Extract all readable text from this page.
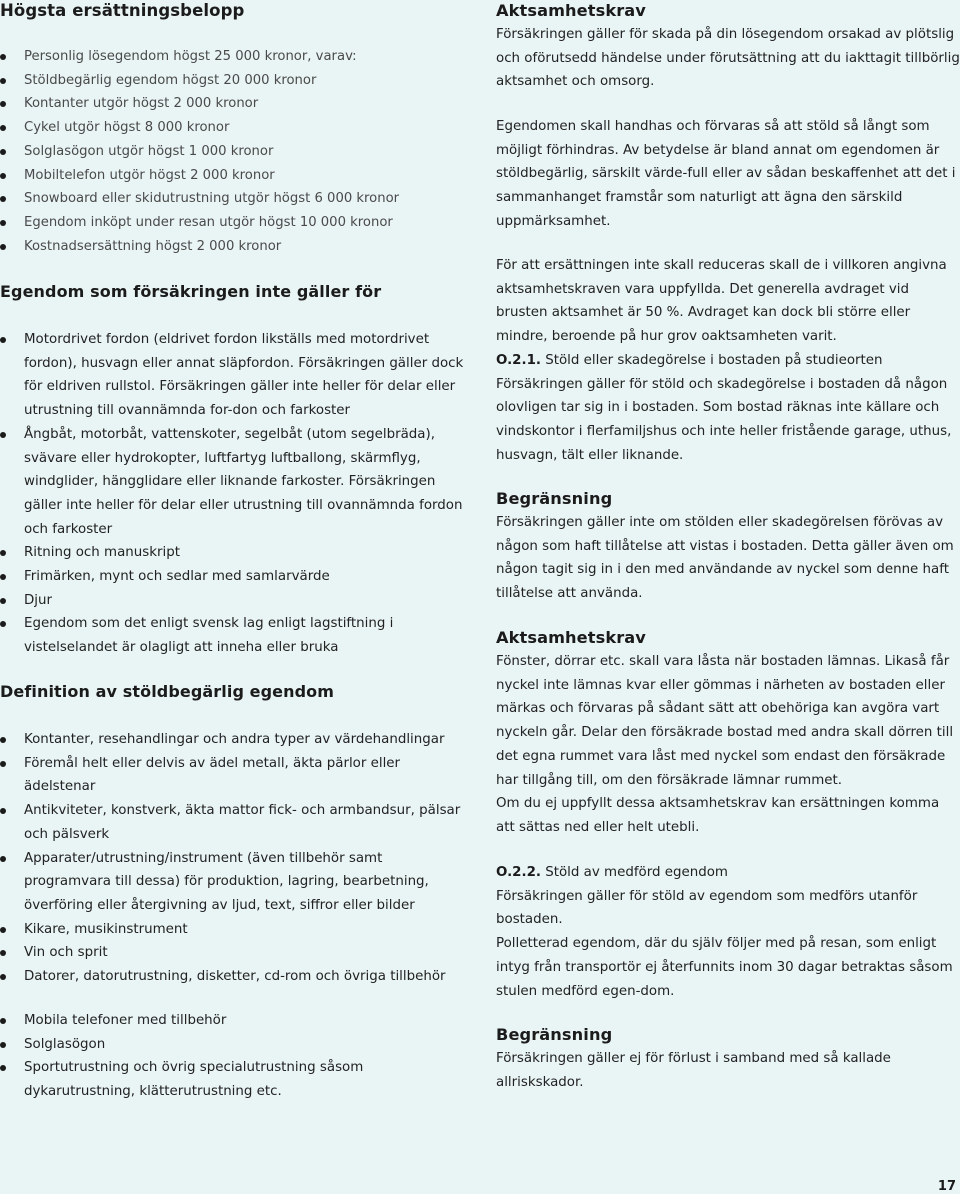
Högsta ersättningsbelopp
Personlig lösegendom högst 25 000 kronor, varav:
Stöldbegärlig egendom högst 20 000 kronor
Kontanter utgör högst 2 000 kronor
Cykel utgör högst 8 000 kronor
Solglasögon utgör högst 1 000 kronor
Mobiltelefon utgör högst 2 000 kronor
Snowboard eller skidutrustning utgör högst 6 000 kronor
Egendom inköpt under resan utgör högst 10 000 kronor
Kostnadsersättning högst 2 000 kronor
Egendom som försäkringen inte gäller för
Motordrivet fordon (eldrivet fordon likställs med motordrivet fordon), husvagn eller annat släpfordon. Försäkringen gäller dock för eldriven rullstol. Försäkringen gäller inte heller för delar eller utrustning till ovannämnda for-don och farkoster
Ångbåt, motorbåt, vattenskoter, segelbåt (utom segelbräda), svävare eller hydrokopter, luftfartyg luftballong, skärmflyg, windglider, hängglidare eller liknande farkoster. Försäkringen gäller inte heller för delar eller utrustning till ovannämnda fordon och farkoster
Ritning och manuskript
Frimärken, mynt och sedlar med samlarvärde
Djur
Egendom som det enligt svensk lag enligt lagstiftning i vistelselandet är olagligt att inneha eller bruka
Definition av stöldbegärlig egendom
Kontanter, resehandlingar och andra typer av värdehandlingar
Föremål helt eller delvis av ädel metall, äkta pärlor eller ädelstenar
Antikviteter, konstverk, äkta mattor fick- och armbandsur, pälsar och pälsverk
Apparater/utrustning/instrument (även tillbehör samt programvara till dessa) för produktion, lagring, bearbetning, överföring eller återgivning av ljud, text, siffror eller bilder
Kikare, musikinstrument
Vin och sprit
Datorer, datorutrustning, disketter, cd-rom och övriga tillbehör
Mobila telefoner med tillbehör
Solglasögon
Sportutrustning och övrig specialutrustning såsom dykarutrustning, klätterutrustning etc.
Aktsamhetskrav

Försäkringen gäller för skada på din lösegendom orsakad av plötslig och oförutsedd händelse under förutsättning att du iakttagit tillbörlig aktsamhet och omsorg.

Egendomen skall handhas och förvaras så att stöld så långt som möjligt förhindras. Av betydelse är bland annat om egendomen är stöldbegärlig, särskilt värde-full eller av sådan beskaffenhet att det i sammanhanget framstår som naturligt att ägna den särskild uppmärksamhet.

För att ersättningen inte skall reduceras skall de i villkoren angivna aktsamhetskraven vara uppfyllda. Det generella avdraget vid brusten aktsamhet är 50 %. Avdraget kan dock bli större eller mindre, beroende på hur grov oaktsamheten varit.

O.2.1. Stöld eller skadegörelse i bostaden på studieorten

Försäkringen gäller för stöld och skadegörelse i bostaden då någon olovligen tar sig in i bostaden. Som bostad räknas inte källare och vindskontor i flerfamiljshus och inte heller fristående garage, uthus, husvagn, tält eller liknande.

Begränsning

Försäkringen gäller inte om stölden eller skadegörelsen förövas av någon som haft tillåtelse att vistas i bostaden. Detta gäller även om någon tagit sig in i den med användande av nyckel som denne haft tillåtelse att använda.

Aktsamhetskrav

Fönster, dörrar etc. skall vara låsta när bostaden lämnas. Likaså får nyckel inte lämnas kvar eller gömmas i närheten av bostaden eller märkas och förvaras på sådant sätt att obehöriga kan avgöra vart nyckeln går. Delar den försäkrade bostad med andra skall dörren till det egna rummet vara låst med nyckel som endast den försäkrade har tillgång till, om den försäkrade lämnar rummet.

Om du ej uppfyllt dessa aktsamhetskrav kan ersättningen komma att sättas ned eller helt utebli.

O.2.2. Stöld av medförd egendom

Försäkringen gäller för stöld av egendom som medförs utanför bostaden.

Polletterad egendom, där du själv följer med på resan, som enligt intyg från transportör ej återfunnits inom 30 dagar betraktas såsom stulen medförd egen-dom.

Begränsning

Försäkringen gäller ej för förlust i samband med så kallade allriskskador.

17
